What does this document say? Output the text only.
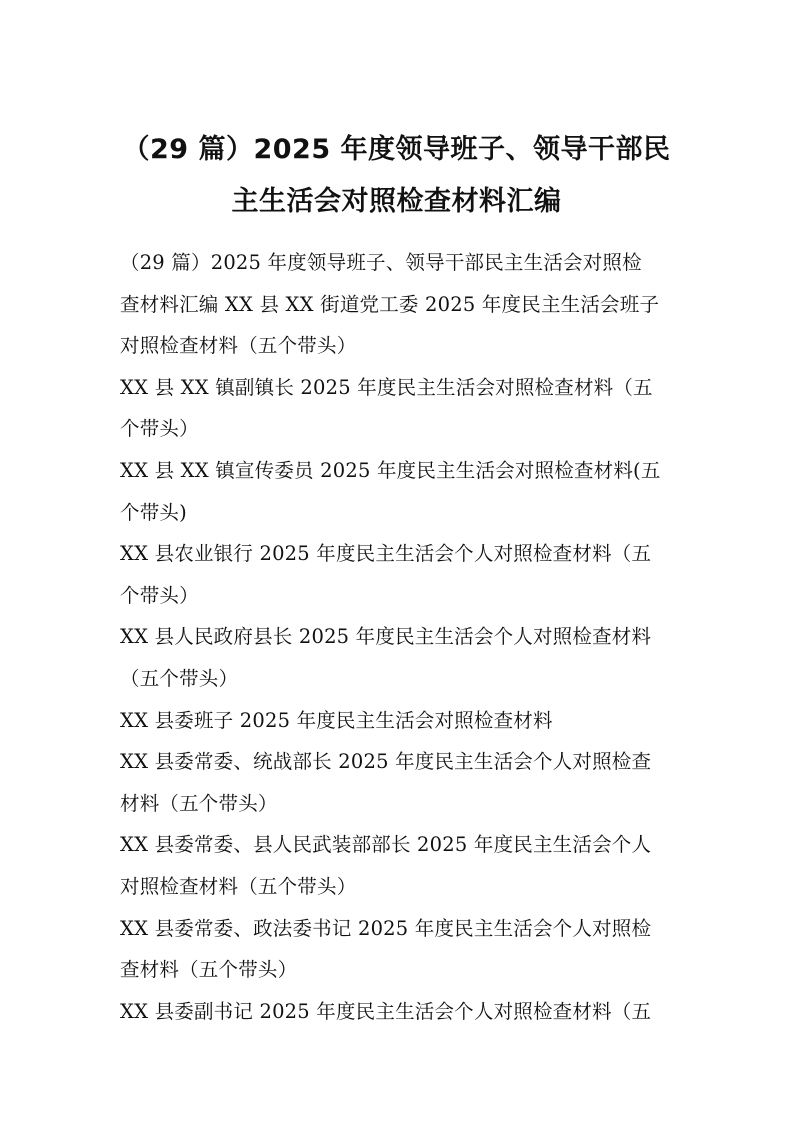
（29 篇）2025 年度领导班子、领导干部民
主生活会对照检查材料汇编
（29 篇）2025 年度领导班子、领导干部民主生活会对照检
查材料汇编 XX 县 XX 街道党工委 2025 年度民主生活会班子
对照检查材料（五个带头）
XX 县 XX 镇副镇长 2025 年度民主生活会对照检查材料（五
个带头）
XX 县 XX 镇宣传委员 2025 年度民主生活会对照检查材料(五
个带头)
XX 县农业银行 2025 年度民主生活会个人对照检查材料（五
个带头）
XX 县人民政府县长 2025 年度民主生活会个人对照检查材料
（五个带头）
XX 县委班子 2025 年度民主生活会对照检查材料
XX 县委常委、统战部长 2025 年度民主生活会个人对照检查
材料（五个带头）
XX 县委常委、县人民武装部部长 2025 年度民主生活会个人
对照检查材料（五个带头）
XX 县委常委、政法委书记 2025 年度民主生活会个人对照检
查材料（五个带头）
XX 县委副书记 2025 年度民主生活会个人对照检查材料（五
